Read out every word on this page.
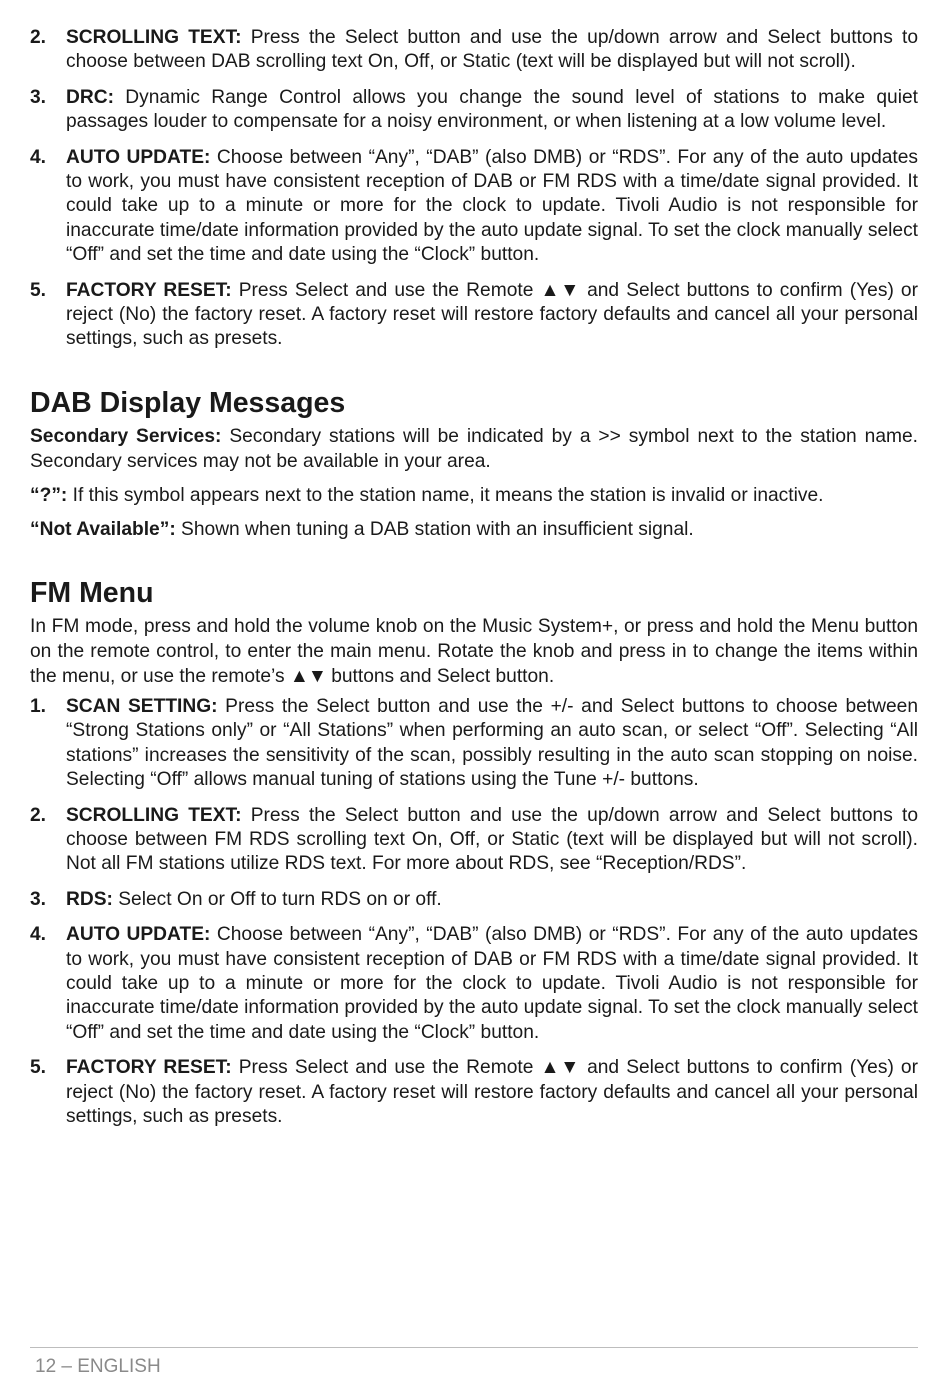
2.	SCROLLING TEXT: Press the Select button and use the up/down arrow and Select buttons to choose between DAB scrolling text On, Off, or Static (text will be displayed but will not scroll).
3.	DRC: Dynamic Range Control allows you change the sound level of stations to make quiet passages louder to compensate for a noisy environment, or when listening at a low volume level.
4.	AUTO UPDATE: Choose between “Any”, “DAB” (also DMB) or “RDS”. For any of the auto updates to work, you must have consistent reception of DAB or FM RDS with a time/date signal provided. It could take up to a minute or more for the clock to update. Tivoli Audio is not responsible for inaccurate time/date information provided by the auto update signal. To set the clock manually select “Off” and set the time and date using the “Clock” button.
5.	FACTORY RESET: Press Select and use the Remote ▲▼ and Select buttons to confirm (Yes) or reject (No) the factory reset. A factory reset will restore factory defaults and cancel all your personal settings, such as presets.
DAB Display Messages

Secondary Services: Secondary stations will be indicated by a >> symbol next to the station name. Secondary services may not be available in your area.

“?”: If this symbol appears next to the station name, it means the station is invalid or inactive.

“Not Available”: Shown when tuning a DAB station with an insufficient signal.

FM Menu

In FM mode, press and hold the volume knob on the Music System+, or press and hold the Menu button on the remote control, to enter the main menu. Rotate the knob and press in to change the items within the menu, or use the remote’s ▲▼ buttons and Select button.

1.	SCAN SETTING: Press the Select button and use the +/- and Select buttons to choose between “Strong Stations only” or “All Stations” when performing an auto scan, or select “Off”. Selecting “All stations” increases the sensitivity of the scan, possibly resulting in the auto scan stopping on noise. Selecting “Off” allows manual tuning of stations using the Tune +/- buttons.
2.	SCROLLING TEXT: Press the Select button and use the up/down arrow and Select buttons to choose between FM RDS scrolling text On, Off, or Static (text will be displayed but will not scroll). Not all FM stations utilize RDS text. For more about RDS, see “Reception/RDS”.
3.	RDS: Select On or Off to turn RDS on or off.
4.	AUTO UPDATE: Choose between “Any”, “DAB” (also DMB) or “RDS”. For any of the auto updates to work, you must have consistent reception of DAB or FM RDS with a time/date signal provided. It could take up to a minute or more for the clock to update. Tivoli Audio is not responsible for inaccurate time/date information provided by the auto update signal. To set the clock manually select “Off” and set the time and date using the “Clock” button.
5.	FACTORY RESET: Press Select and use the Remote ▲▼ and Select buttons to confirm (Yes) or reject (No) the factory reset. A factory reset will restore factory defaults and cancel all your personal settings, such as presets.
12 – ENGLISH
